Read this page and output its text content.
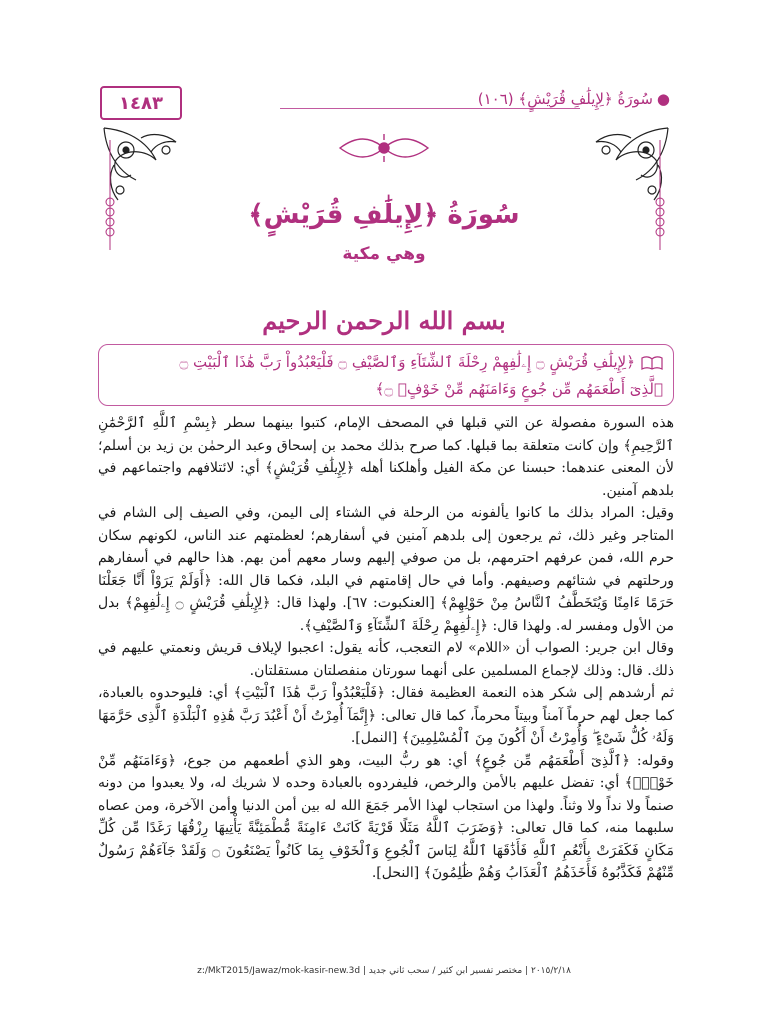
١٤٨٣	●سُورَةُ ﴿لِإِيلَٰفِ قُرَيْشٍ﴾ (١٠٦)
سُورَةُ ﴿لِإِيلَٰفِ قُرَيْشٍ﴾
وهي مكية
بسم الله الرحمن الرحيم
﴿لِإِيلَٰفِ قُرَيْشٍ ۝ إِۦلَٰفِهِمْ رِحْلَةَ ٱلشِّتَآءِ وَٱلصَّيْفِ ۝ فَلْيَعْبُدُواْ رَبَّ هَٰذَا ٱلْبَيْتِ ۝
ٱلَّذِىٓ أَطْعَمَهُم مِّن جُوعٍ وَءَامَنَهُم مِّنْ خَوْفٍۭ ۝﴾

هذه السورة مفصولة عن التي قبلها في المصحف الإمام، كتبوا بينهما سطر ﴿بِسْمِ ٱللَّهِ ٱلرَّحْمَٰنِ ٱلرَّحِيمِ﴾ وإن كانت متعلقة بما قبلها. كما صرح بذلك محمد بن إسحاق وعبد الرحمٰن بن زيد بن أسلم؛ لأن المعنى عندهما: حبسنا عن مكة الفيل وأهلكنا أهله ﴿لِإِيلَٰفِ قُرَيْشٍ﴾ أي: لائتلافهم واجتماعهم في بلدهم آمنين.

وقيل: المراد بذلك ما كانوا يألفونه من الرحلة في الشتاء إلى اليمن، وفي الصيف إلى الشام في المتاجر وغير ذلك، ثم يرجعون إلى بلدهم آمنين في أسفارهم؛ لعظمتهم عند الناس، لكونهم سكان حرم الله، فمن عرفهم احترمهم، بل من صوفي إليهم وسار معهم أمن بهم. هذا حالهم في أسفارهم ورحلتهم في شتائهم وصيفهم. وأما في حال إقامتهم في البلد، فكما قال الله: ﴿أَوَلَمْ يَرَوْاْ أَنَّا جَعَلْنَا حَرَمًا ءَامِنًا وَيُتَخَطَّفُ ٱلنَّاسُ مِنْ حَوْلِهِمْ﴾ [العنكبوت: ٦٧]. ولهذا قال: ﴿لِإِيلَٰفِ قُرَيْشٍ ۝ إِۦلَٰفِهِمْ﴾ بدل من الأول ومفسر له. ولهذا قال: ﴿إِۦلَٰفِهِمْ رِحْلَةَ ٱلشِّتَآءِ وَٱلصَّيْفِ﴾.

وقال ابن جرير: الصواب أن «اللام» لام التعجب، كأنه يقول: اعجبوا لإيلاف قريش ونعمتي عليهم في ذلك. قال: وذلك لإجماع المسلمين على أنهما سورتان منفصلتان مستقلتان.

ثم أرشدهم إلى شكر هذه النعمة العظيمة فقال: ﴿فَلْيَعْبُدُواْ رَبَّ هَٰذَا ٱلْبَيْتِ﴾ أي: فليوحدوه بالعبادة، كما جعل لهم حرماً آمناً وبيتاً محرماً، كما قال تعالى: ﴿إِنَّمَآ أُمِرْتُ أَنْ أَعْبُدَ رَبَّ هَٰذِهِ ٱلْبَلْدَةِ ٱلَّذِى حَرَّمَهَا وَلَهُۥ كُلُّ شَىْءٍ ۖ وَأُمِرْتُ أَنْ أَكُونَ مِنَ ٱلْمُسْلِمِينَ﴾ [النمل].

وقوله: ﴿ٱلَّذِىٓ أَطْعَمَهُم مِّن جُوعٍ﴾ أي: هو ربُّ البيت، وهو الذي أطعمهم من جوع، ﴿وَءَامَنَهُم مِّنْ خَوْفٍۭ﴾ أي: تفضل عليهم بالأمن والرخص، فليفردوه بالعبادة وحده لا شريك له، ولا يعبدوا من دونه صنماً ولا نداً ولا وثناً. ولهذا من استجاب لهذا الأمر جَمَعَ الله له بين أمن الدنيا وأمن الآخرة، ومن عصاه سلبهما منه، كما قال تعالى: ﴿وَضَرَبَ ٱللَّهُ مَثَلًا قَرْيَةً كَانَتْ ءَامِنَةً مُّطْمَئِنَّةً يَأْتِيهَا رِزْقُهَا رَغَدًا مِّن كُلِّ مَكَانٍ فَكَفَرَتْ بِأَنْعُمِ ٱللَّهِ فَأَذَٰقَهَا ٱللَّهُ لِبَاسَ ٱلْجُوعِ وَٱلْخَوْفِ بِمَا كَانُواْ يَصْنَعُونَ ۝ وَلَقَدْ جَآءَهُمْ رَسُولٌ مِّنْهُمْ فَكَذَّبُوهُ فَأَخَذَهُمُ ٱلْعَذَابُ وَهُمْ ظَٰلِمُونَ﴾ [النحل].

z:/MkT2015/Jawaz/mok-kasir-new.3d | ٢٠١٥/٢/١٨ | مختصر تفسير ابن كثير / سحب ثاني جديد
